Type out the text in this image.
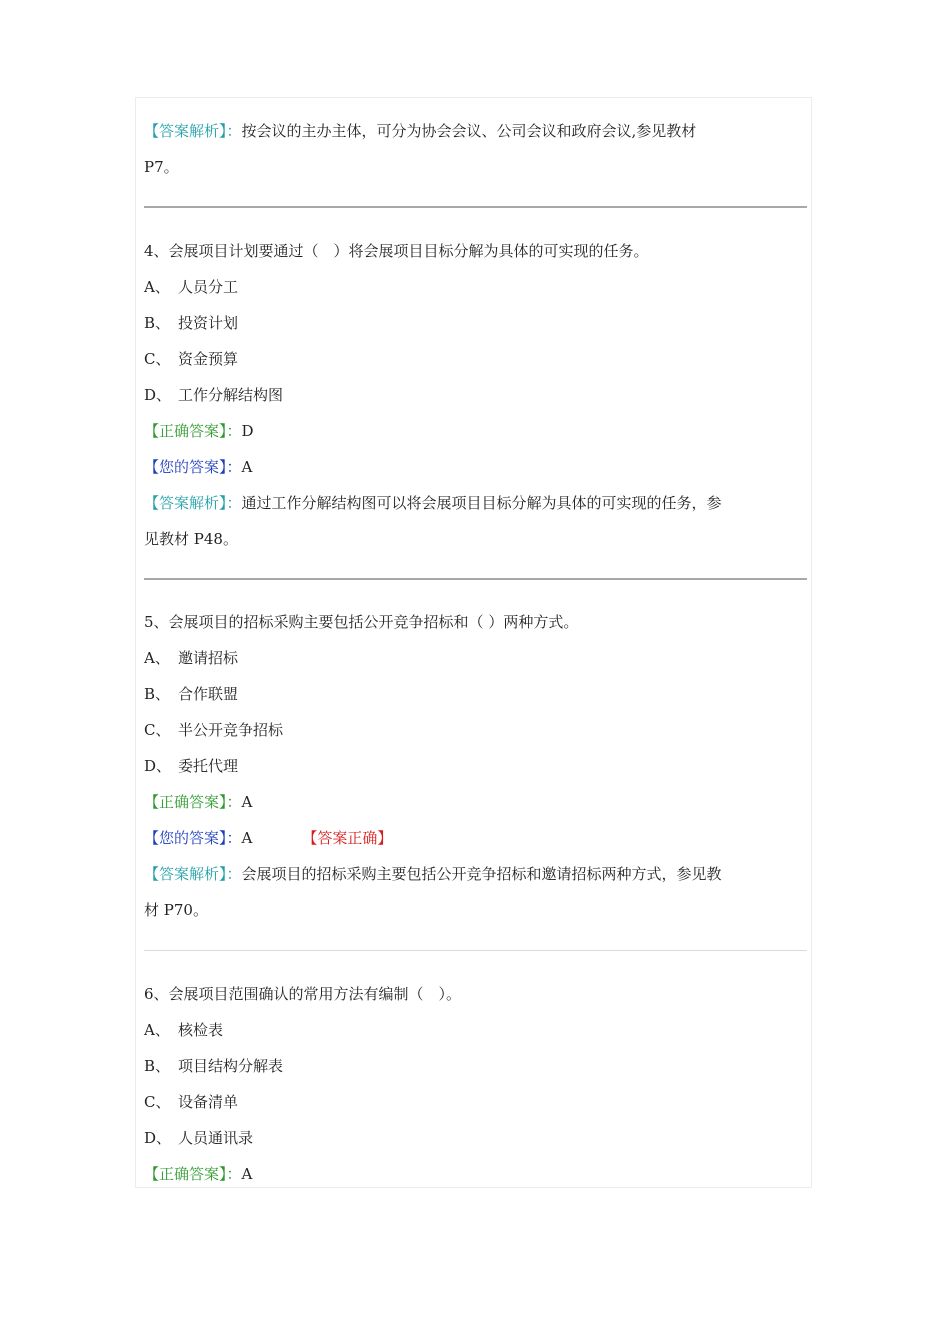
【答案解析】：按会议的主办主体，可分为协会会议、公司会议和政府会议,参见教材
P7。
4、会展项目计划要通过（　）将会展项目目标分解为具体的可实现的任务。
A、 人员分工
B、 投资计划
C、 资金预算
D、 工作分解结构图
【正确答案】：D
【您的答案】：A
【答案解析】：通过工作分解结构图可以将会展项目目标分解为具体的可实现的任务，参
见教材 P48。
5、会展项目的招标采购主要包括公开竞争招标和（ ）两种方式。
A、 邀请招标
B、 合作联盟
C、 半公开竞争招标
D、 委托代理
【正确答案】：A
【您的答案】：A	【答案正确】
【答案解析】：会展项目的招标采购主要包括公开竞争招标和邀请招标两种方式，参见教
材 P70。
6、会展项目范围确认的常用方法有编制（　）。
A、 核检表
B、 项目结构分解表
C、 设备清单
D、 人员通讯录
【正确答案】：A
